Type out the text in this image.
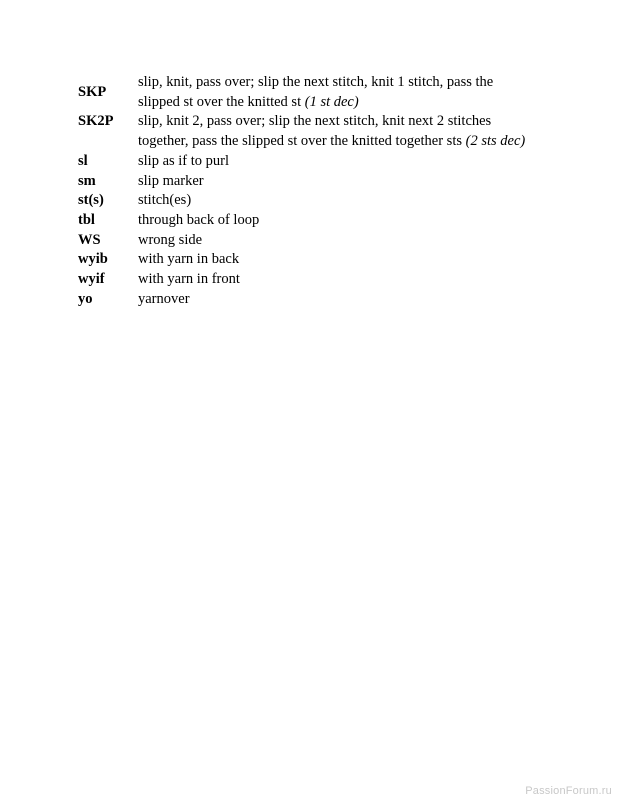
SKP	slip, knit, pass over; slip the next stitch, knit 1 stitch, pass the slipped st over the knitted st (1 st dec)
SK2P	slip, knit 2, pass over; slip the next stitch, knit next 2 stitches together, pass the slipped st over the knitted together sts (2 sts dec)
sl	slip as if to purl
sm	slip marker
st(s)	stitch(es)
tbl	through back of loop
WS	wrong side
wyib	with yarn in back
wyif	with yarn in front
yo	yarnover
PassionForum.ru
